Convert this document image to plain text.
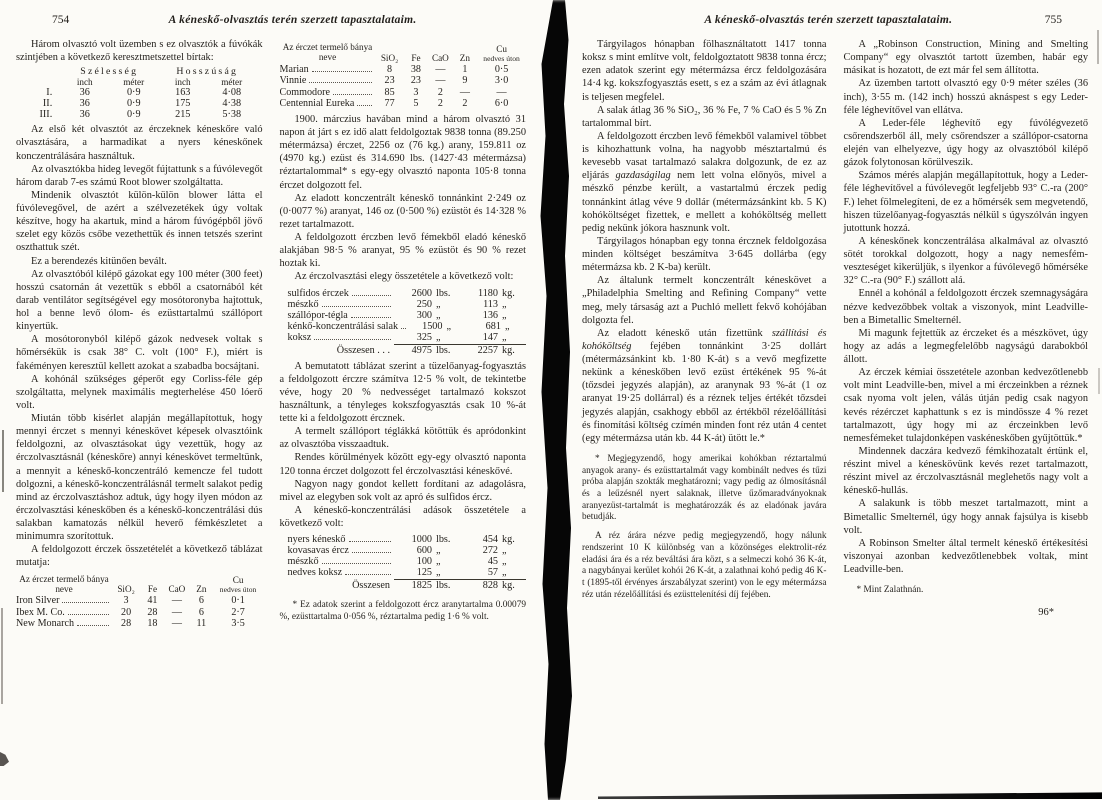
754	A kéneskő-olvasztás terén szerzett tapasztalataim.

Három olvasztó volt üzemben s ez olvasztók a fúvókák szintjében a következő keresztmetszettel bírtak:

Szélesség	Hosszúság
inch	méter	inch	méter
I.	36	0·9	163	4·08
II.	36	0·9	175	4·38
III.	36	0·9	215	5·38

Az első két olvasztót az érczeknek kéneskőre való olvasztására, a harmadikat a nyers kéneskőnek konczentrálására használtuk.

Az olvasztókba hideg levegőt fújtattunk s a fúvólevegőt három darab 7-es számú Root blower szolgáltatta.

Mindenik olvasztót külön-külön blower látta el fúvólevegővel, de azért a szélvezetékek úgy voltak készítve, hogy ha akartuk, mind a három fúvógépből jövő szelet egy közös csőbe vezethettük és innen tetszés szerint oszthattuk szét.

Ez a berendezés kitünően bevált.

Az olvasztóból kilépő gázokat egy 100 méter (300 feet) hosszú csatornán át vezettük s ebből a csatornából két darab ventilátor segítségével egy mosótoronyba hajtottuk, hol a benne levő ólom- és ezüsttartalmú szállóport kinyertük.

A mosótoronyból kilépő gázok nedvesek voltak s hőmérsékük is csak 38° C. volt (100° F.), miért is fakéményen keresztül kellett azokat a szabadba bocsájtani.

A kohónál szükséges géperőt egy Corliss-féle gép szolgáltatta, melynek maximális megterhelése 450 lóerő volt.

Miután több kisérlet alapján megállapítottuk, hogy mennyi érczet s mennyi kéneskövet képesek olvasztóink feldolgozni, az olvasztásokat úgy vezettük, hogy az érczolvasztásnál (kéneskőre) annyi kéneskövet termeltünk, a mennyit a kéneskő-konczentráló kemencze fel tudott dolgozni, a kéneskő-konczentrálásnál termelt salakot pedig mind az érczolvasztáshoz adtuk, úgy hogy ilyen módon az érczolvasztási kéneskőben és a kéneskő-konczentrálási dús salakban kamatozás nélkül heverő fémkészletet a minimumra szorítottuk.

A feldolgozott érczek összetételét a következő táblázat mutatja:

Az érczet termelő bánya neve	SiO₂	Fe	CaO	Zn
Cu
nedves úton
Iron Silver	3	41	—	6	0·1
Ibex M. Co.	20	28	—	6	2·7
New Monarch	28	18	—	11	3·5
Az érczet termelő bánya neve	SiO₂	Fe	CaO	Zn
Cu
nedves úton
Marian	8	38	—	1	0·5
Vinnie	23	23	—	9	3·0
Commodore	85	3	2	—	—
Centennial Eureka	77	5	2	2	6·0

1900. márczius havában mind a három olvasztó 31 napon át járt s ez idő alatt feldolgoztak 9838 tonna (89.250 métermázsa) érczet, 2256 oz (76 kg.) arany, 159.811 oz (4970 kg.) ezüst és 314.690 lbs. (1427·43 métermázsa) réztartalommal* s egy-egy olvasztó naponta 105·8 tonna érczet dolgozott fel.

Az eladott konczentrált kéneskő tonnánkint 2·249 oz (0·0077 %) aranyat, 146 oz (0·500 %) ezüstöt és 14·328 % rezet tartalmazott.

A feldolgozott érczben levő fémekből eladó kéneskő alakjában 98·5 % aranyat, 95 % ezüstöt és 90 % rezet hoztak ki.

Az érczolvasztási elegy összetétele a következő volt:

sulfidos érczek	2600 lbs.	1180 kg.
mészkő	250 „	113 „
szállópor-tégla	300 „	136 „
kénkő-konczentrálási salak	1500 „	681 „
koksz	325 „	147 „
Összesen . . .	4975 lbs.	2257 kg.

A bemutatott táblázat szerint a tüzelőanyag-fogyasztás a feldolgozott érczre számítva 12·5 % volt, de tekintetbe véve, hogy 20 % nedvességet tartalmazó kokszot használtunk, a tényleges kokszfogyasztás csak 10 %-át tette ki a feldolgozott ércznek.

A termelt szállóport téglákká kötöttük és apródonkint az olvasztóba visszaadtuk.

Rendes körülmények között egy-egy olvasztó naponta 120 tonna érczet dolgozott fel érczolvasztási kéneskővé.

Nagyon nagy gondot kellett fordítani az adagolásra, mivel az elegyben sok volt az apró és sulfidos ércz.

A kéneskő-konczentrálási adások összetétele a következő volt:

nyers kéneskő	1000 lbs.	454 kg.
kovasavas ércz	600 „	272 „
mészkő	100 „	45 „
nedves koksz	125 „	57 „
Összesen	1825 lbs.	828 kg.

* Ez adatok szerint a feldolgozott ércz aranytartalma 0.00079 %, ezüsttartalma 0·056 %, réztartalma pedig 1·6 % volt.

A kéneskő-olvasztás terén szerzett tapasztalataim.	755

Tárgyilagos hónapban fölhasználtatott 1417 tonna koksz s mint említve volt, feldolgoztatott 9838 tonna ércz; ezen adatok szerint egy métermázsa ércz feldolgozására 14·4 kg. kokszfogyasztás esett, s ez a szám az évi átlagnak is teljesen megfelel.

A salak átlag 36 % SiO₂, 36 % Fe, 7 % CaO és 5 % Zn tartalommal bírt.

A feldolgozott érczben levő fémekből valamivel többet is kihozhattunk volna, ha nagyobb mésztartalmú és kevesebb vasat tartalmazó salakra dolgozunk, de ez az eljárás gazdaságilag nem lett volna előnyös, mivel a mészkő pénzbe került, a vastartalmú érczek pedig tonnánkint átlag véve 9 dollár (métermázsánkint kb. 5 K) kohóköltséget fizettek, e mellett a kohóköltség mellett pedig nekünk jókora hasznunk volt.

Tárgyilagos hónapban egy tonna ércznek feldolgozása minden költséget beszámítva 3·645 dollárba (egy métermázsa kb. 2 K-ba) került.

Az általunk termelt konczentrált kéneskövet a „Philadelphia Smelting and Refining Company“ vette meg, mely társaság azt a Puchló mellett fekvő kohójában dolgozta fel.

Az eladott kéneskő után fizettünk szállítási és kohóköltség fejében tonnánkint 3·25 dollárt (métermázsánkint kb. 1·80 K-át) s a vevő megfizette nekünk a kéneskőben levő ezüst értékének 95 %-át (tőzsdei jegyzés alapján), az aranynak 93 %-át (1 oz aranyat 19·25 dollárral) és a réznek teljes értékét tőzsdei jegyzés alapján, csakhogy ebből az értékből rézelőállítási és finomítási költség czímén minden font réz után 4 centet (egy métermázsa után kb. 44 K-át) ütött le.*

* Megjegyzendő, hogy amerikai kohókban réztartalmú anyagok arany- és ezüsttartalmát vagy kombinált nedves és tűzi próba alapján szokták meghatározni; vagy pedig az ólmosításnál és a leűzésnél nyert salaknak, illetve űzőmaradványoknak aranyezüst-tartalmát is meghatározzák és az eladónak javára betudják.

A réz árára nézve pedig megjegyzendő, hogy nálunk rendszerint 10 K különbség van a közönséges elektrolit-réz eladási ára és a réz beváltási ára közt, s a selmeczi kohó 36 K-át, a nagybányai kerület kohói 26 K-át, a zalathnai kohó pedig 46 K-t (1895-től érvényes árszabályzat szerint) von le egy métermázsa réz után rézelőállítási és ezüsttelenítési díj fejében.

A „Robinson Construction, Mining and Smelting Company“ egy olvasztót tartott üzemben, habár egy másikat is hozatott, de ezt már fel sem állította.

Az üzemben tartott olvasztó egy 0·9 méter széles (36 inch), 3·55 m. (142 inch) hosszú aknáspest s egy Leder-féle léghevítővel van ellátva.

A Leder-féle léghevítő egy fúvólégvezető csőrendszerből áll, mely csőrendszer a szállópor-csatorna elején van elhelyezve, úgy hogy az olvasztóból kilépő gázok folytonosan körülveszik.

Számos mérés alapján megállapítottuk, hogy a Leder-féle léghevítővel a fúvólevegőt legfeljebb 93° C.-ra (200° F.) lehet fölmelegíteni, de ez a hőmérsék sem megvetendő, hiszen tüzelőanyag-fogyasztás nélkül s úgyszólván ingyen jutottunk hozzá.

A kéneskőnek konczentrálása alkalmával az olvasztó sötét torokkal dolgozott, hogy a nagy nemesfém-veszteséget kikerüljük, s ilyenkor a fúvólevegő hőmérséke 32° C.-ra (90° F.) szállott alá.

Ennél a kohónál a feldolgozott érczek szemnagyságára nézve kedvezőbbek voltak a viszonyok, mint Leadville-ben a Bimetallic Smelternél.

Mi magunk fejtettük az érczeket és a mészkövet, úgy hogy az adás a legmegfelelőbb nagyságú darabokból állott.

Az érczek kémiai összetétele azonban kedvezőtlenebb volt mint Leadville-ben, mivel a mi érczeinkben a réznek csak nyoma volt jelen, válás útján pedig csak nagyon kevés rézérczet kaphattunk s ez is mindössze 4 % rezet tartalmazott, úgy hogy mi az érczeinkben levő nemesfémeket tulajdonképen vaskéneskőben gyűjtöttük.*

Mindennek daczára kedvező fémkihozatalt értünk el, részint mivel a kéneskövünk kevés rezet tartalmazott, részint mivel az érczolvasztásnál meglehetős nagy volt a kéneskő-hullás.

A salakunk is több meszet tartalmazott, mint a Bimetallic Smelternél, úgy hogy annak fajsúlya is kisebb volt.

A Robinson Smelter által termelt kéneskő értékesítési viszonyai azonban kedvezőtlenebbek voltak, mint Leadville-ben.

* Mint Zalathnán.

96*
